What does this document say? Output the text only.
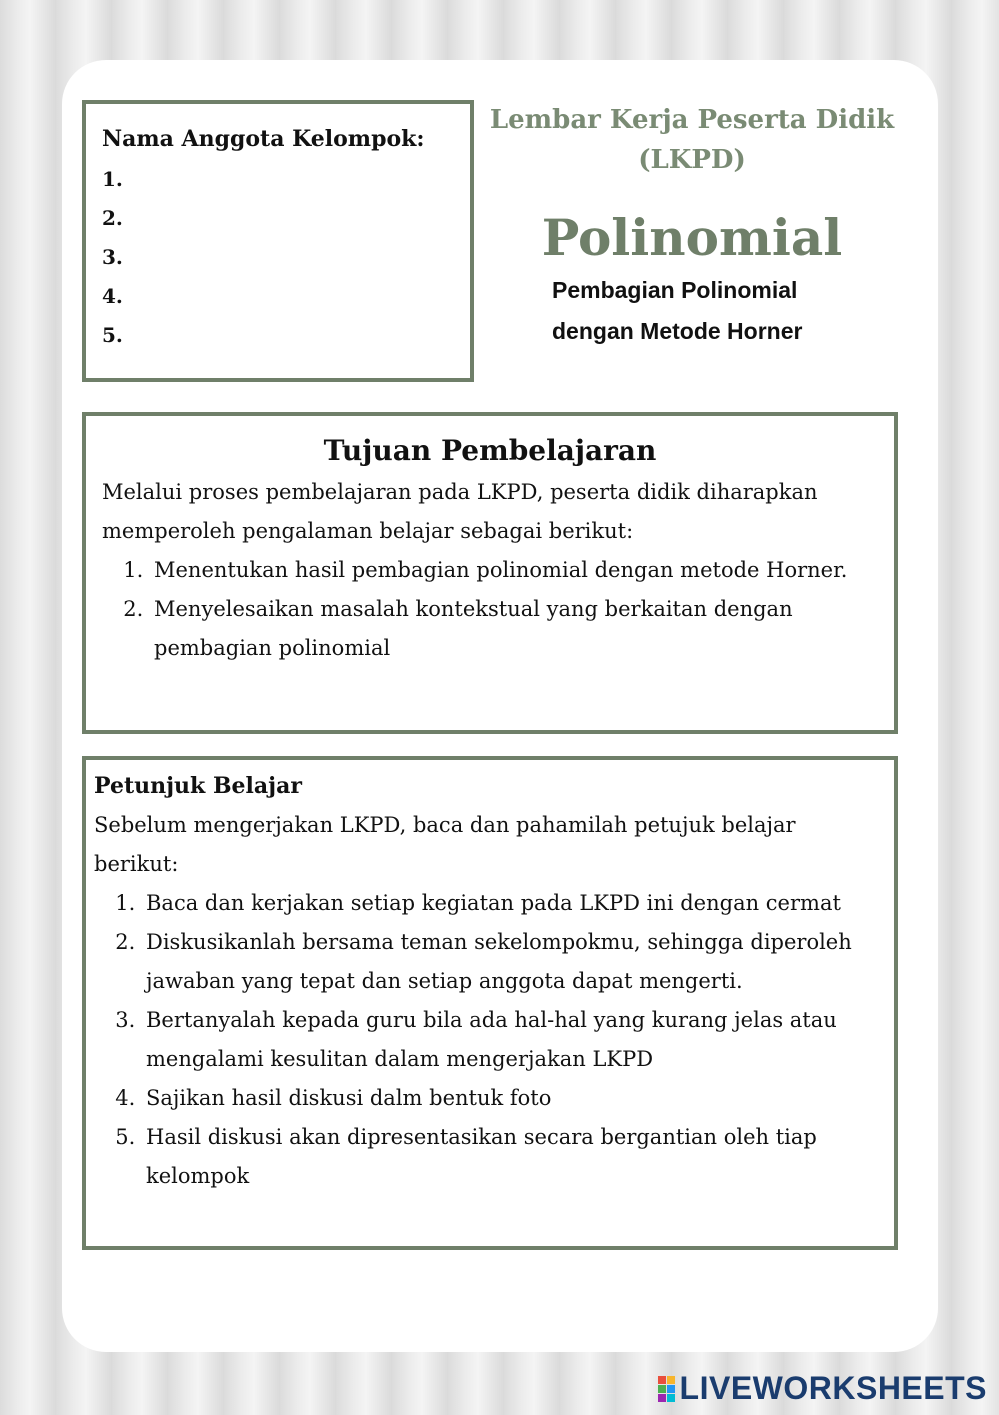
Nama Anggota Kelompok:
1.
2.
3.
4.
5.
Lembar Kerja Peserta Didik
(LKPD)
Polinomial
Pembagian Polinomial
dengan Metode Horner
Tujuan Pembelajaran

Melalui proses pembelajaran pada LKPD, peserta didik diharapkan memperoleh pengalaman belajar sebagai berikut:

1. Menentukan hasil pembagian polinomial dengan metode Horner.
2. Menyelesaikan masalah kontekstual yang berkaitan dengan pembagian polinomial
Petunjuk Belajar

Sebelum mengerjakan LKPD, baca dan pahamilah petujuk belajar berikut:

1. Baca dan kerjakan setiap kegiatan pada LKPD ini dengan cermat
2. Diskusikanlah bersama teman sekelompokmu, sehingga diperoleh jawaban yang tepat dan setiap anggota dapat mengerti.
3. Bertanyalah kepada guru bila ada hal-hal yang kurang jelas atau mengalami kesulitan dalam mengerjakan LKPD
4. Sajikan hasil diskusi dalm bentuk foto
5. Hasil diskusi akan dipresentasikan secara bergantian oleh tiap kelompok
LIVEWORKSHEETS
